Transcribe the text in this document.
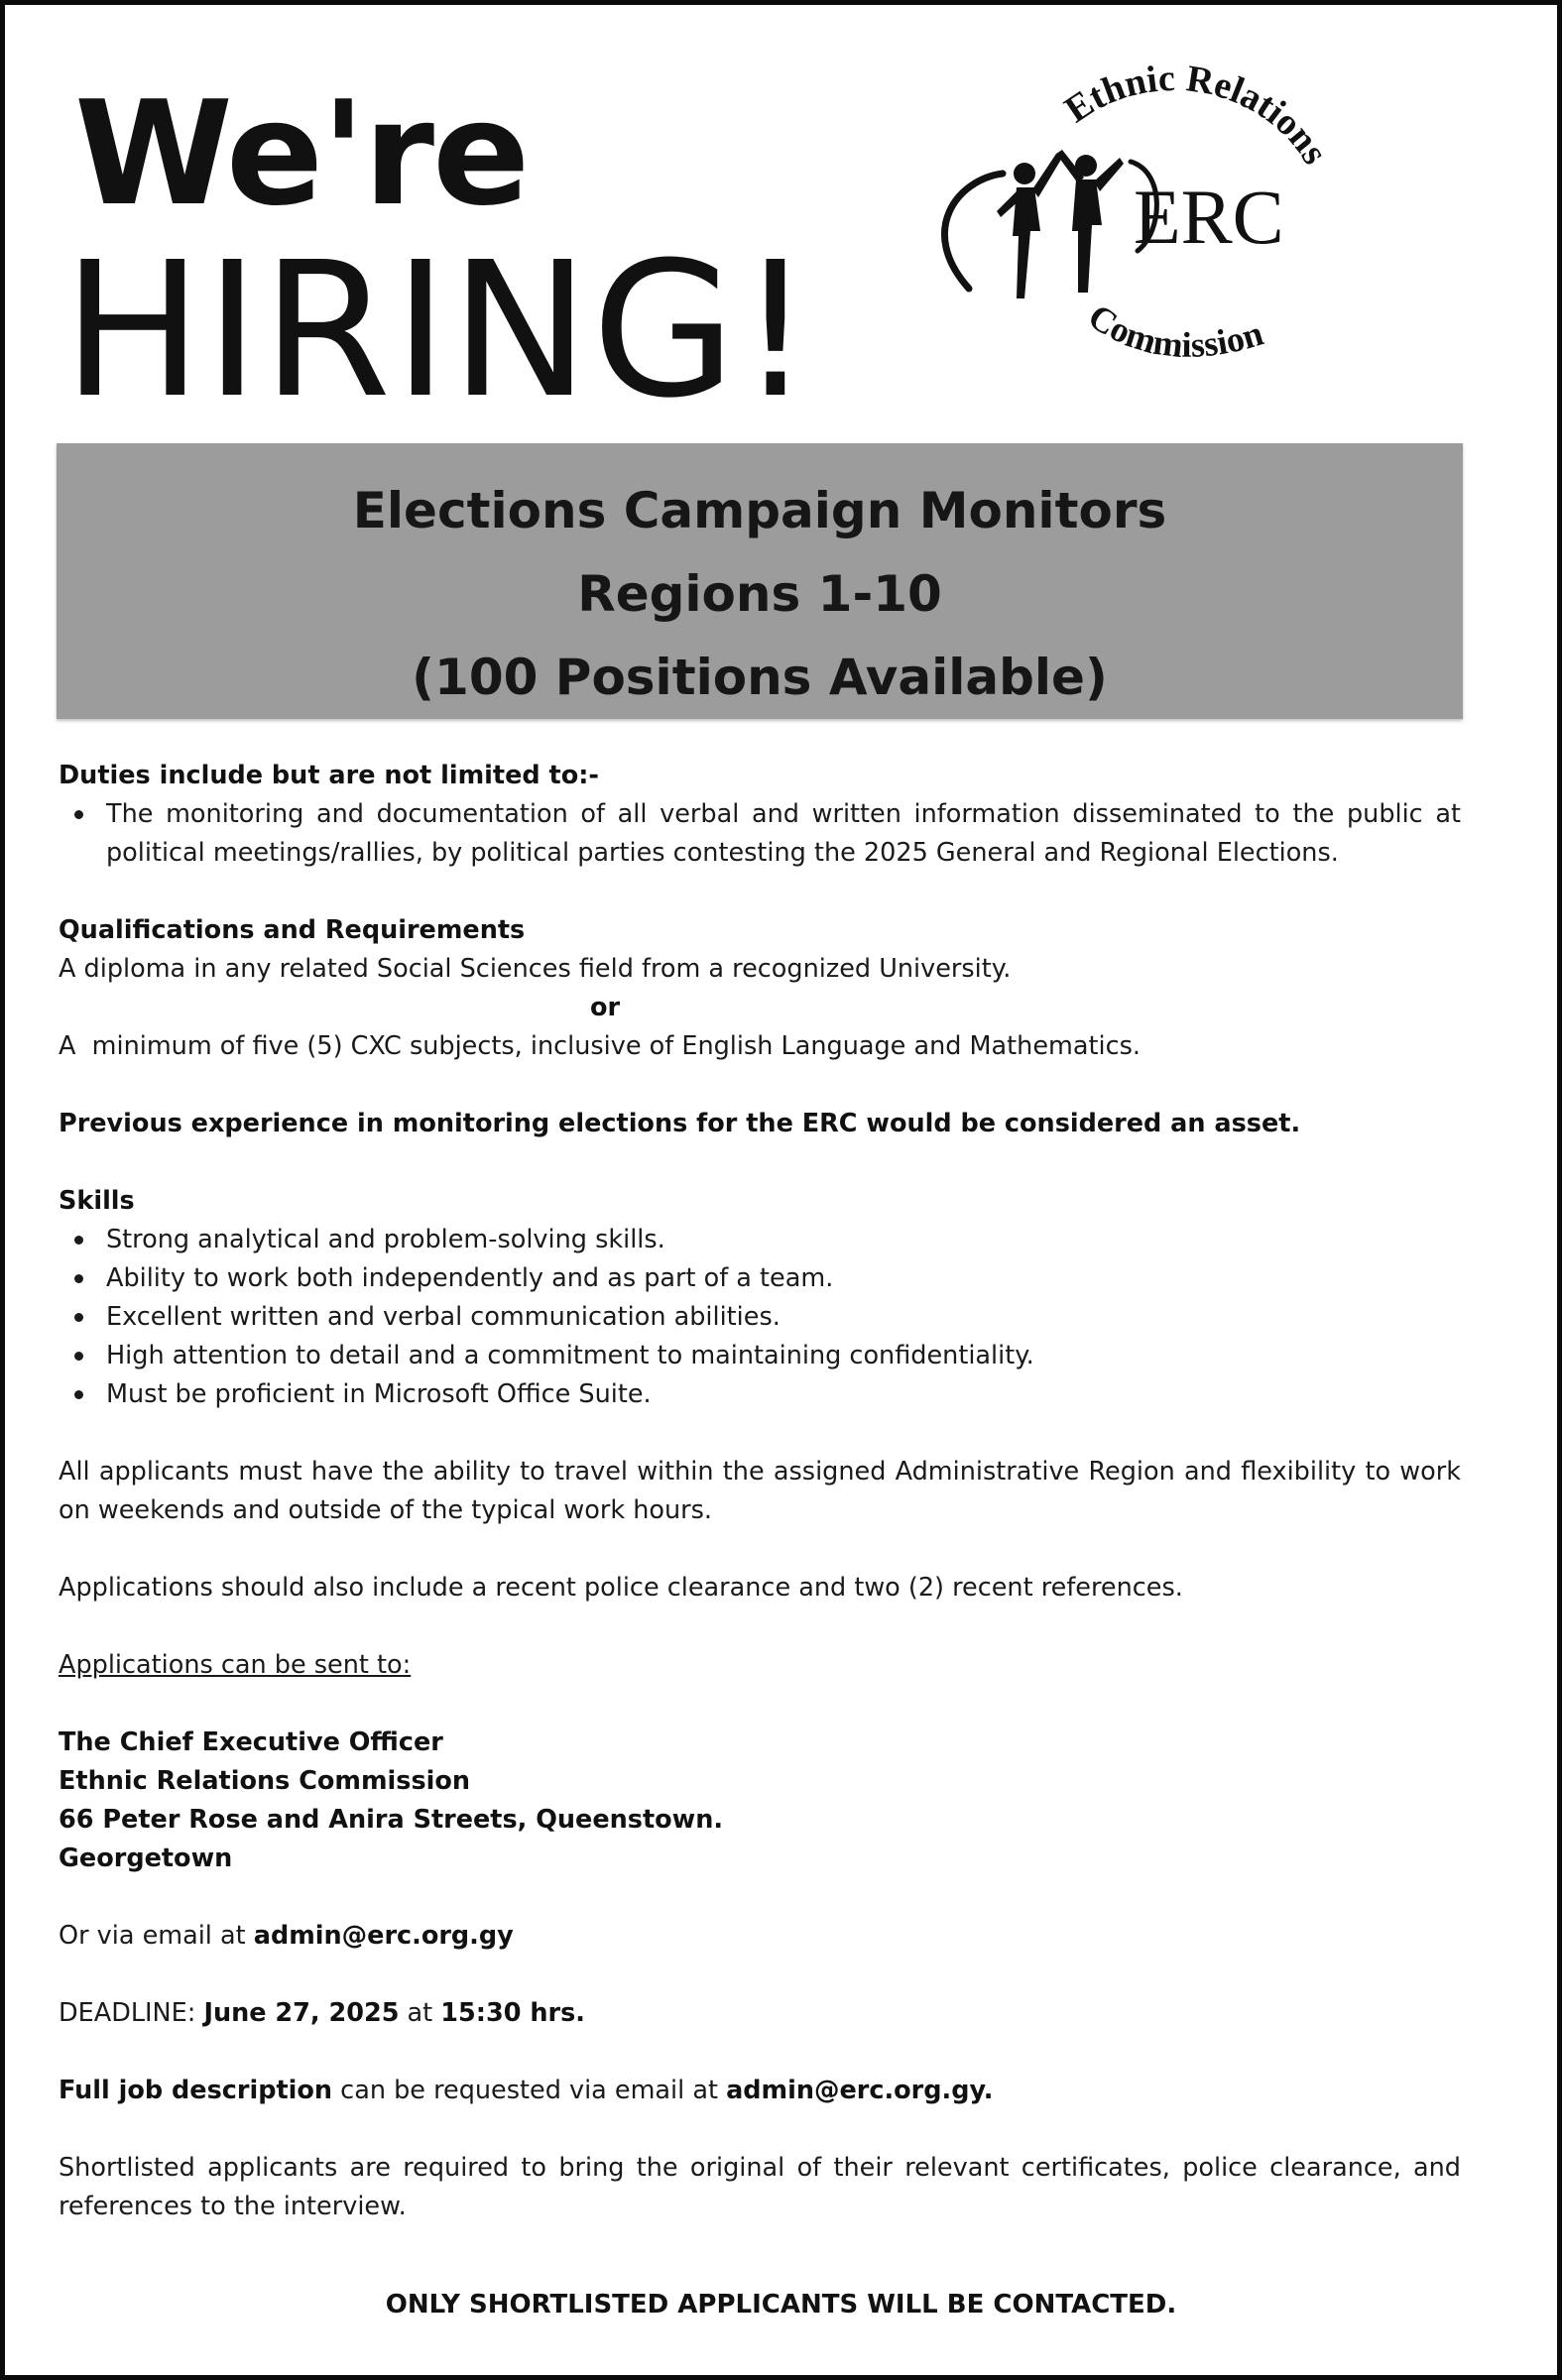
We're
HIRING!
Ethnic Relations
Commission
ERC
Elections Campaign Monitors
Regions 1-10
(100 Positions Available)

Duties include but are not limited to:-

The monitoring and documentation of all verbal and written information disseminated to the public at political meetings/rallies, by political parties contesting the 2025 General and Regional Elections.

Qualifications and Requirements

A diploma in any related Social Sciences field from a recognized University.

or

A  minimum of five (5) CXC subjects, inclusive of English Language and Mathematics.

Previous experience in monitoring elections for the ERC would be considered an asset.

Skills

Strong analytical and problem-solving skills.
Ability to work both independently and as part of a team.
Excellent written and verbal communication abilities.
High attention to detail and a commitment to maintaining confidentiality.
Must be proficient in Microsoft Office Suite.

All applicants must have the ability to travel within the assigned Administrative Region and flexibility to work on weekends and outside of the typical work hours.

Applications should also include a recent police clearance and two (2) recent references.

Applications can be sent to:

The Chief Executive Officer

Ethnic Relations Commission

66 Peter Rose and Anira Streets, Queenstown.

Georgetown

Or via email at admin@erc.org.gy

DEADLINE: June 27, 2025 at 15:30 hrs.

Full job description can be requested via email at admin@erc.org.gy.

Shortlisted applicants are required to bring the original of their relevant certificates, police clearance, and references to the interview.

ONLY SHORTLISTED APPLICANTS WILL BE CONTACTED.
